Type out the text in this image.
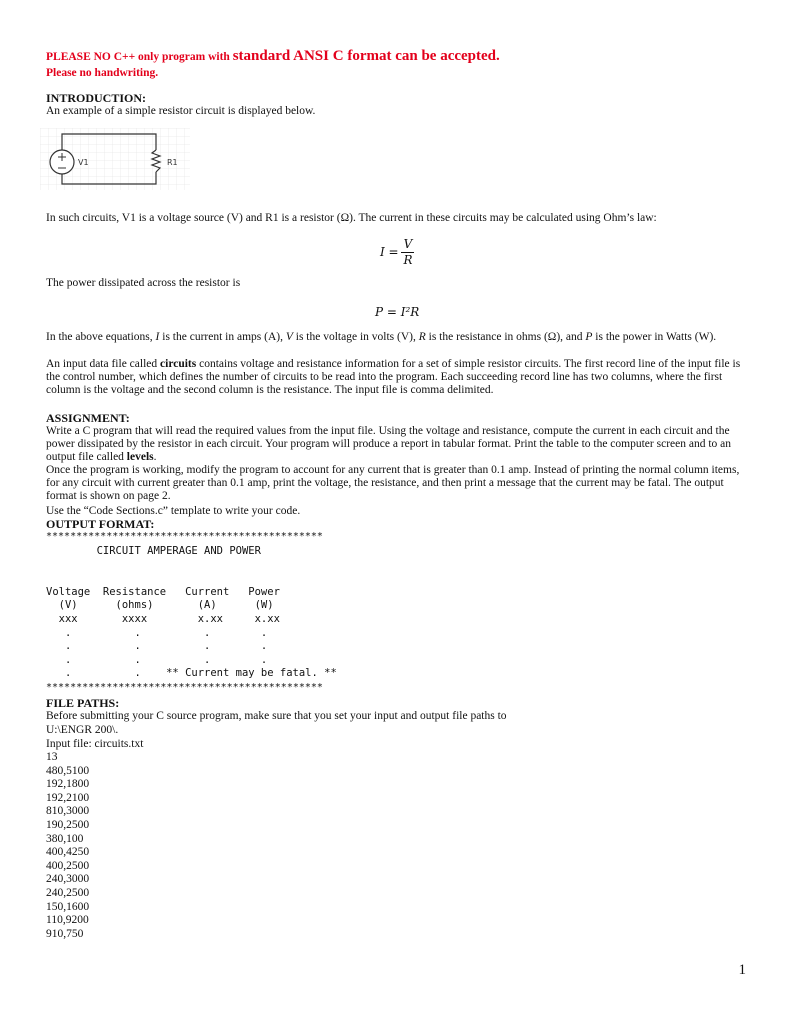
PLEASE NO C++ only program with standard ANSI C format can be accepted.
Please no handwriting.
INTRODUCTION:
An example of a simple resistor circuit is displayed below.
V1	R1
In such circuits, V1 is a voltage source (V) and R1 is a resistor (Ω). The current in these circuits may be calculated using Ohm’s law:
I =
V
R
The power dissipated across the resistor is
P = I²R
In the above equations, I is the current in amps (A), V is the voltage in volts (V), R is the resistance in ohms (Ω), and P is the power in Watts (W).
An input data file called circuits contains voltage and resistance information for a set of simple resistor circuits. The first record line of the input file is the control number, which defines the number of circuits to be read into the program. Each succeeding record line has two columns, where the first column is the voltage and the second column is the resistance. The input file is comma delimited.
ASSIGNMENT:
Write a C program that will read the required values from the input file. Using the voltage and resistance, compute the current in each circuit and the power dissipated by the resistor in each circuit. Your program will produce a report in tabular format. Print the table to the computer screen and to an output file called levels.
Once the program is working, modify the program to account for any current that is greater than 0.1 amp. Instead of printing the normal column items, for any circuit with current greater than 0.1 amp, print the voltage, the resistance, and then print a message that the current may be fatal. The output format is shown on page 2.
Use the “Code Sections.c” template to write your code.
OUTPUT FORMAT:
**********************************************
CIRCUIT AMPERAGE AND POWER

Voltage  Resistance   Current   Power
(V)      (ohms)       (A)      (W)
xxx       xxxx        x.xx     x.xx
.          .          .        .
.          .          .        .
.          .          .        .
.          .    ** Current may be fatal. **
**********************************************
FILE PATHS:
Before submitting your C source program, make sure that you set your input and output file paths to
U:\ENGR 200\.
Input file: circuits.txt
13
480,5100
192,1800
192,2100
810,3000
190,2500
380,100
400,4250
400,2500
240,3000
240,2500
150,1600
110,9200
910,750
1
